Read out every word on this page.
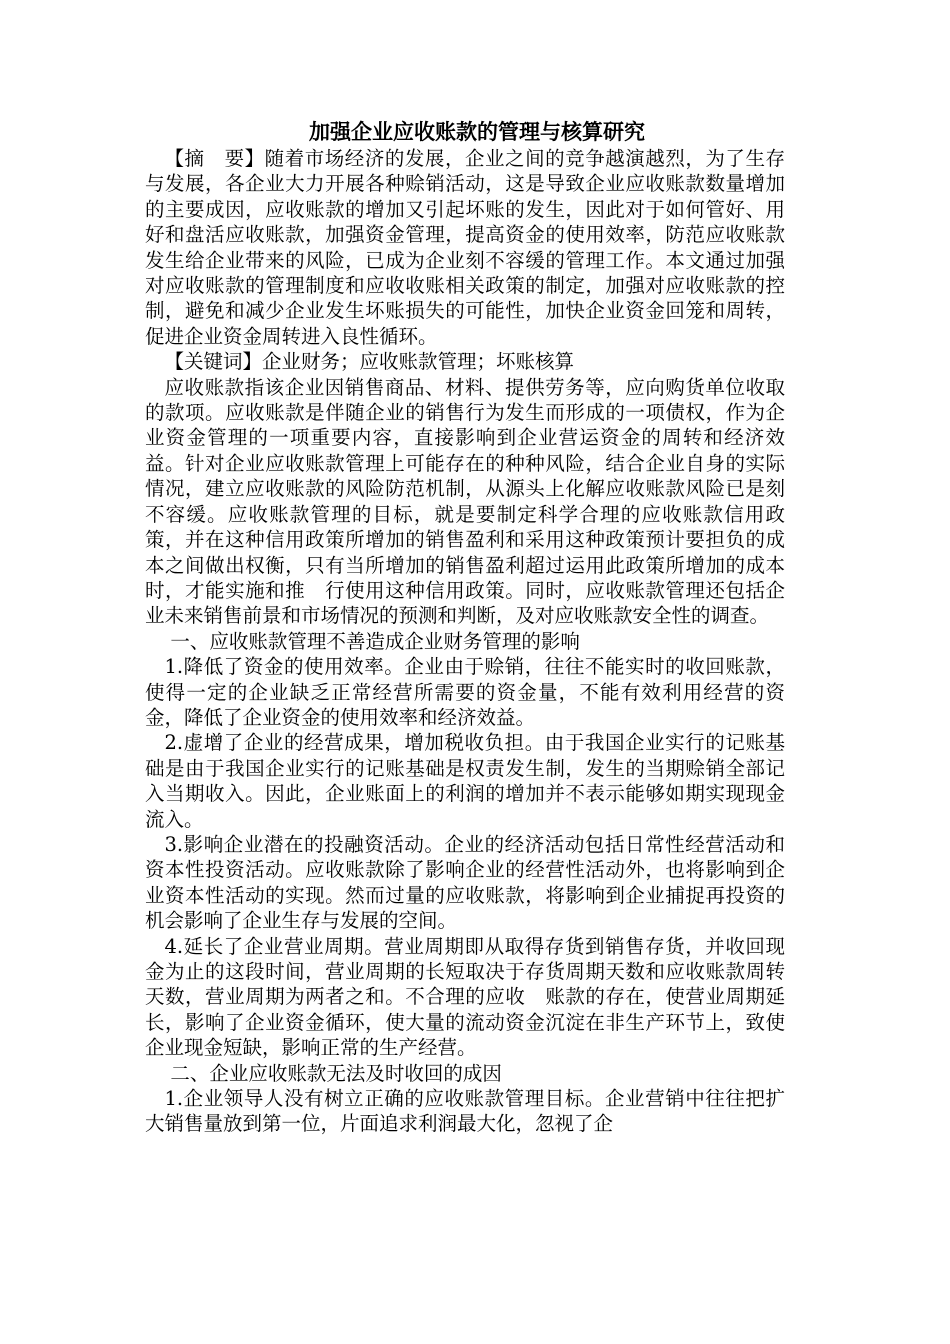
加强企业应收账款的管理与核算研究

【摘　要】随着市场经济的发展，企业之间的竞争越演越烈，为了生存与发展，各企业大力开展各种赊销活动，这是导致企业应收账款数量增加的主要成因，应收账款的增加又引起坏账的发生，因此对于如何管好、用好和盘活应收账款，加强资金管理，提高资金的使用效率，防范应收账款发生给企业带来的风险，已成为企业刻不容缓的管理工作。本文通过加强对应收账款的管理制度和应收收账相关政策的制定，加强对应收账款的控制，避免和减少企业发生坏账损失的可能性，加快企业资金回笼和周转，促进企业资金周转进入良性循环。

【关键词】企业财务；应收账款管理；坏账核算

应收账款指该企业因销售商品、材料、提供劳务等，应向购货单位收取的款项。应收账款是伴随企业的销售行为发生而形成的一项债权，作为企业资金管理的一项重要内容，直接影响到企业营运资金的周转和经济效益。针对企业应收账款管理上可能存在的种种风险，结合企业自身的实际情况，建立应收账款的风险防范机制，从源头上化解应收账款风险已是刻不容缓。应收账款管理的目标，就是要制定科学合理的应收账款信用政策，并在这种信用政策所增加的销售盈利和采用这种政策预计要担负的成本之间做出权衡，只有当所增加的销售盈利超过运用此政策所增加的成本时，才能实施和推　行使用这种信用政策。同时，应收账款管理还包括企业未来销售前景和市场情况的预测和判断，及对应收账款安全性的调查。

一、应收账款管理不善造成企业财务管理的影响

1.降低了资金的使用效率。企业由于赊销，往往不能实时的收回账款，使得一定的企业缺乏正常经营所需要的资金量，不能有效利用经营的资金，降低了企业资金的使用效率和经济效益。

2.虚增了企业的经营成果，增加税收负担。由于我国企业实行的记账基础是由于我国企业实行的记账基础是权责发生制，发生的当期赊销全部记入当期收入。因此，企业账面上的利润的增加并不表示能够如期实现现金流入。

3.影响企业潜在的投融资活动。企业的经济活动包括日常性经营活动和资本性投资活动。应收账款除了影响企业的经营性活动外，也将影响到企业资本性活动的实现。然而过量的应收账款，将影响到企业捕捉再投资的机会影响了企业生存与发展的空间。

4.延长了企业营业周期。营业周期即从取得存货到销售存货，并收回现金为止的这段时间，营业周期的长短取决于存货周期天数和应收账款周转天数，营业周期为两者之和。不合理的应收　账款的存在，使营业周期延长，影响了企业资金循环，使大量的流动资金沉淀在非生产环节上，致使企业现金短缺，影响正常的生产经营。

二、企业应收账款无法及时收回的成因

1.企业领导人没有树立正确的应收账款管理目标。企业营销中往往把扩大销售量放到第一位，片面追求利润最大化，忽视了企
